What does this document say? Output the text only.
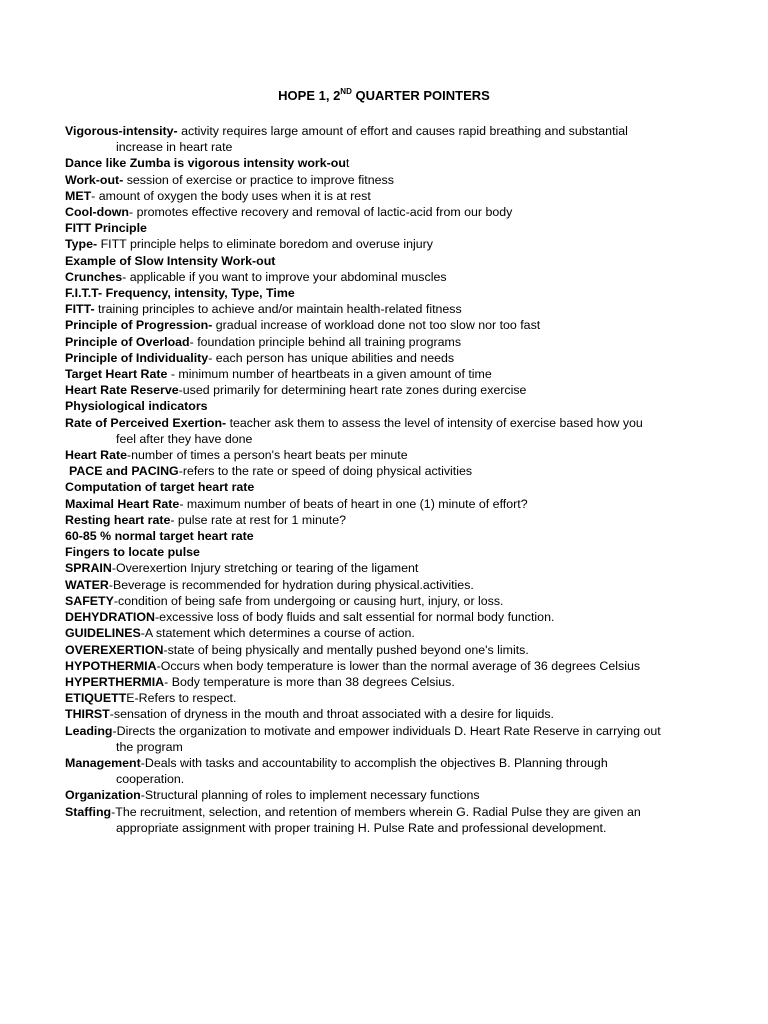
HOPE 1, 2ND QUARTER POINTERS
Vigorous-intensity- activity requires large amount of effort and causes rapid breathing and substantial increase in heart rate
Dance like Zumba is vigorous intensity work-out
Work-out- session of exercise or practice to improve fitness
MET- amount of oxygen the body uses when it is at rest
Cool-down- promotes effective recovery and removal of lactic-acid from our body
FITT Principle
Type- FITT principle helps to eliminate boredom and overuse injury
Example of Slow Intensity Work-out
Crunches- applicable if you want to improve your abdominal muscles
F.I.T.T- Frequency, intensity, Type, Time
FITT- training principles to achieve and/or maintain health-related fitness
Principle of Progression- gradual increase of workload done not too slow nor too fast
Principle of Overload- foundation principle behind all training programs
Principle of Individuality- each person has unique abilities and needs
Target Heart Rate - minimum number of heartbeats in a given amount of time
Heart Rate Reserve-used primarily for determining heart rate zones during exercise
Physiological indicators
Rate of Perceived Exertion- teacher ask them to assess the level of intensity of exercise based how you feel after they have done
Heart Rate-number of times a person's heart beats per minute
PACE and PACING-refers to the rate or speed of doing physical activities
Computation of target heart rate
Maximal Heart Rate- maximum number of beats of heart in one (1) minute of effort?
Resting heart rate- pulse rate at rest for 1 minute?
60-85 % normal target heart rate
Fingers to locate pulse
SPRAIN-Overexertion Injury stretching or tearing of the ligament
WATER-Beverage is recommended for hydration during physical.activities.
SAFETY-condition of being safe from undergoing or causing hurt, injury, or loss.
DEHYDRATION-excessive loss of body fluids and salt essential for normal body function.
GUIDELINES-A statement which determines a course of action.
OVEREXERTION-state of being physically and mentally pushed beyond one's limits.
HYPOTHERMIA-Occurs when body temperature is lower than the normal average of 36 degrees Celsius
HYPERTHERMIA- Body temperature is more than 38 degrees Celsius.
ETIQUETTE-Refers to respect.
THIRST-sensation of dryness in the mouth and throat associated with a desire for liquids.
Leading-Directs the organization to motivate and empower individuals D. Heart Rate Reserve in carrying out the program
Management-Deals with tasks and accountability to accomplish the objectives B. Planning through cooperation.
Organization-Structural planning of roles to implement necessary functions
Staffing-The recruitment, selection, and retention of members wherein G. Radial Pulse they are given an appropriate assignment with proper training H. Pulse Rate and professional development.
